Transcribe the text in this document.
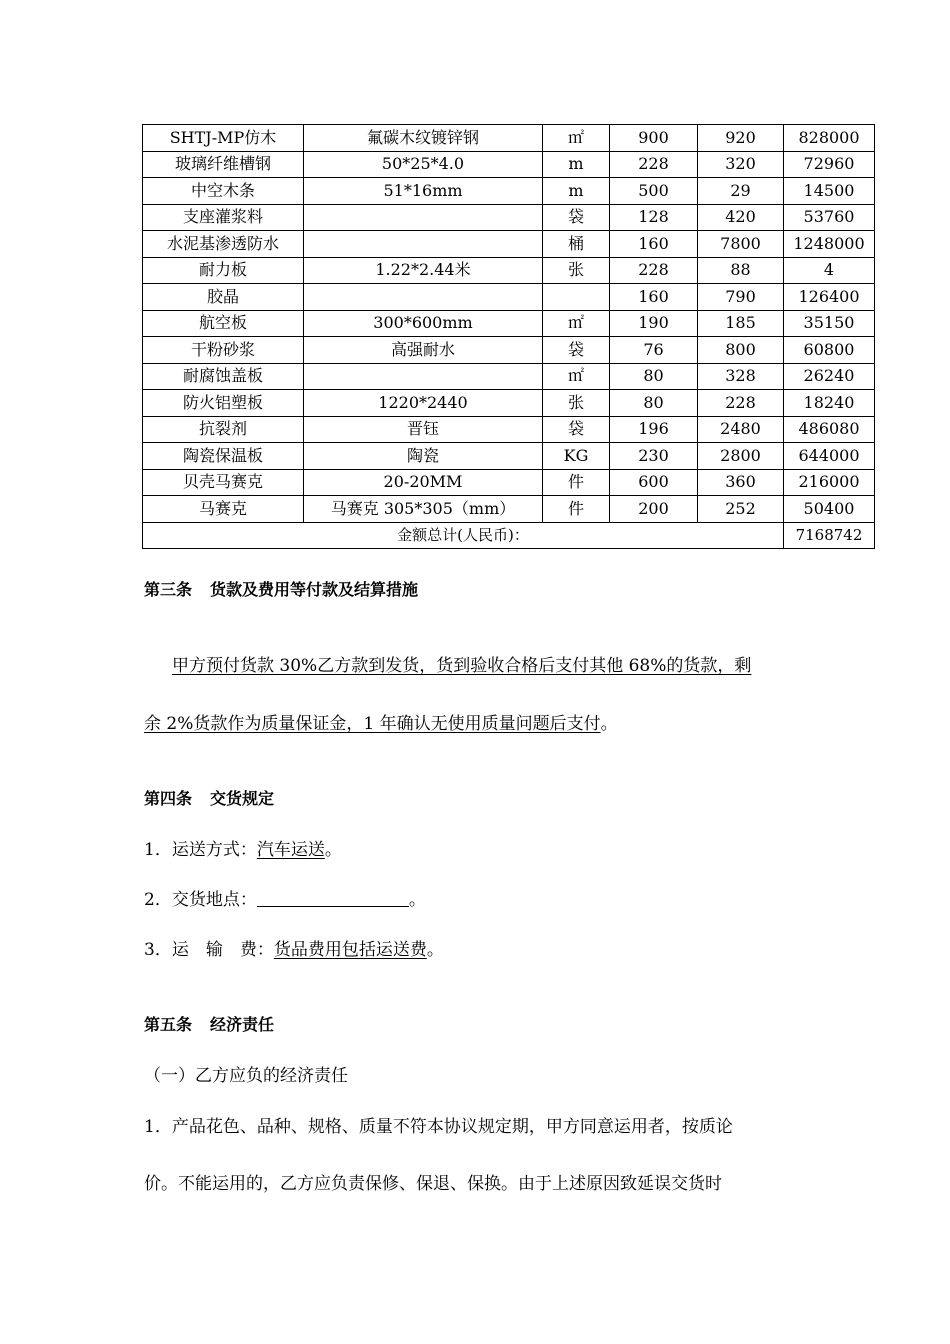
SHTJ-MP仿木	氟碳木纹镀锌钢	㎡	900	920	828000
玻璃纤维槽钢	50*25*4.0	m	228	320	72960
中空木条	51*16mm	m	500	29	14500
支座灌浆料		袋	128	420	53760
水泥基渗透防水		桶	160	7800	1248000
耐力板	1.22*2.44米	张	228	88	4
胶晶			160	790	126400
航空板	300*600mm	㎡	190	185	35150
干粉砂浆	高强耐水	袋	76	800	60800
耐腐蚀盖板		㎡	80	328	26240
防火铝塑板	1220*2440	张	80	228	18240
抗裂剂	晋钰	袋	196	2480	486080
陶瓷保温板	陶瓷	KG	230	2800	644000
贝壳马赛克	20-20MM	件	600	360	216000
马赛克	马赛克 305*305（mm）	件	200	252	50400
金额总计(人民币)：					7168742
第三条 货款及费用等付款及结算措施
甲方预付货款 30%乙方款到发货，货到验收合格后支付其他 68%的货款，剩
余 2%货款作为质量保证金，1 年确认无使用质量问题后支付。
第四条 交货规定
1．运送方式：汽车运送。
2．交货地点：	。
3．运　输　费：货品费用包括运送费。
第五条 经济责任
（一）乙方应负的经济责任
1．产品花色、品种、规格、质量不符本协议规定期，甲方同意运用者，按质论
价。不能运用的，乙方应负责保修、保退、保换。由于上述原因致延误交货时
